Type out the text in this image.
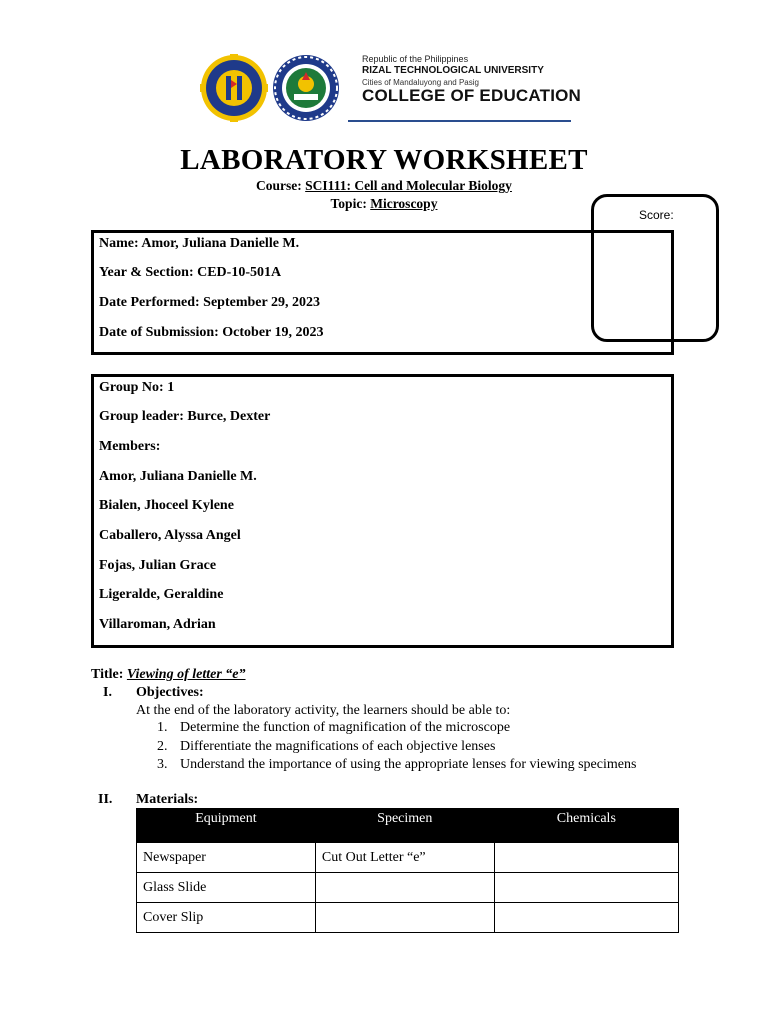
Republic of the Philippines
RIZAL TECHNOLOGICAL UNIVERSITY
Cities of Mandaluyong and Pasig
COLLEGE OF EDUCATION
LABORATORY WORKSHEET
Course: SCI111: Cell and Molecular Biology
Topic: Microscopy
Score:
Name: Amor, Juliana Danielle M.
Year & Section: CED-10-501A
Date Performed: September 29, 2023
Date of Submission: October 19, 2023
Group No: 1
Group leader: Burce, Dexter
Members:
Amor, Juliana Danielle M.
Bialen, Jhoceel Kylene
Caballero, Alyssa Angel
Fojas, Julian Grace
Ligeralde, Geraldine
Villaroman, Adrian
Title: Viewing of letter “e”
I. Objectives:
At the end of the laboratory activity, the learners should be able to:
1. Determine the function of magnification of the microscope
2. Differentiate the magnifications of each objective lenses
3. Understand the importance of using the appropriate lenses for viewing specimens
II. Materials:
Equipment	Specimen	Chemicals
Newspaper	Cut Out Letter “e”	
Glass Slide		
Cover Slip		
